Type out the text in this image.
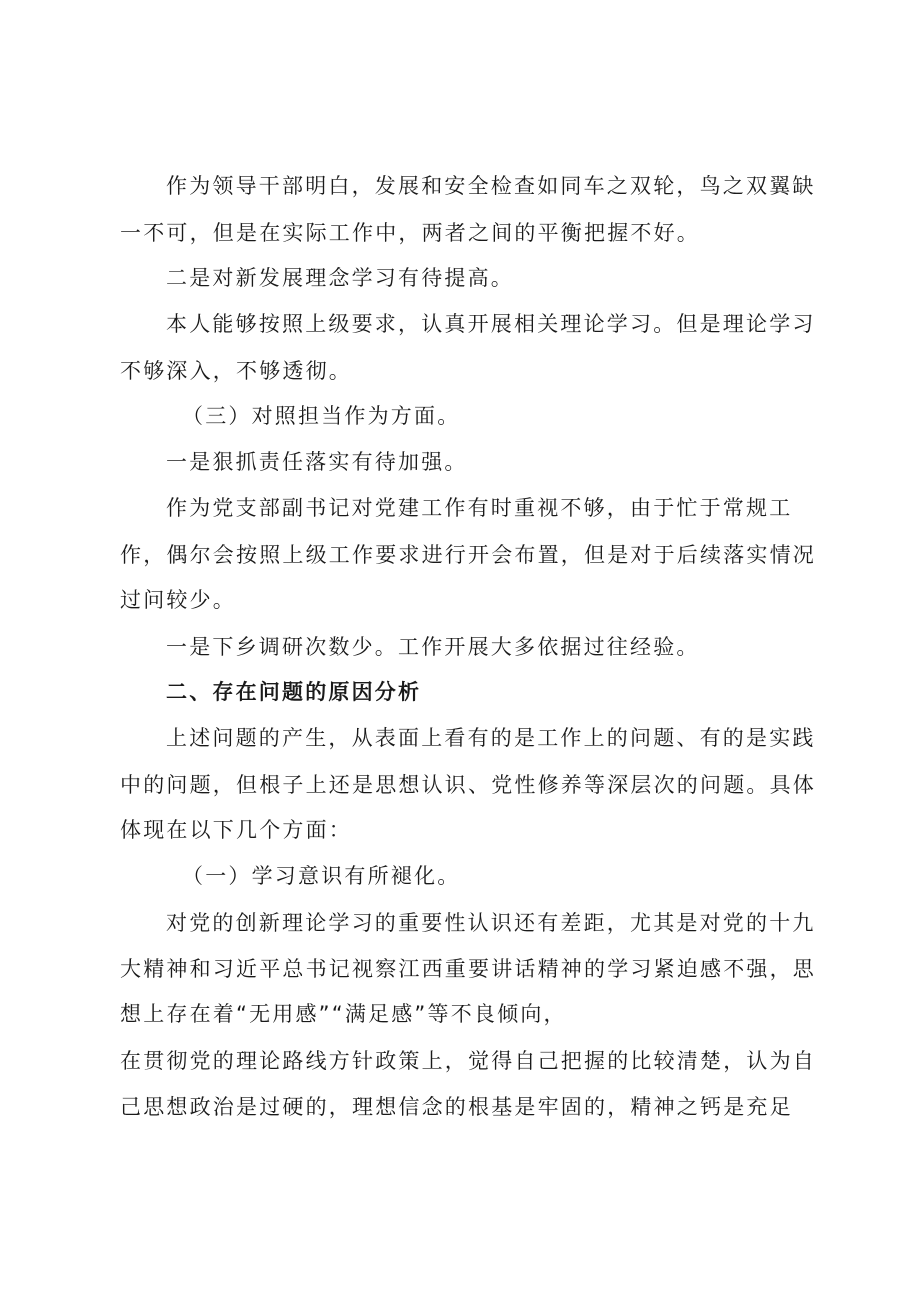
作为领导干部明白，发展和安全检查如同车之双轮，鸟之双翼缺
一不可，但是在实际工作中，两者之间的平衡把握不好。
二是对新发展理念学习有待提高。
本人能够按照上级要求，认真开展相关理论学习。但是理论学习
不够深入，不够透彻。
（三）对照担当作为方面。
一是狠抓责任落实有待加强。
作为党支部副书记对党建工作有时重视不够，由于忙于常规工
作，偶尔会按照上级工作要求进行开会布置，但是对于后续落实情况
过问较少。
一是下乡调研次数少。工作开展大多依据过往经验。
二、存在问题的原因分析
上述问题的产生，从表面上看有的是工作上的问题、有的是实践
中的问题，但根子上还是思想认识、党性修养等深层次的问题。具体
体现在以下几个方面：
（一）学习意识有所褪化。
对党的创新理论学习的重要性认识还有差距，尤其是对党的十九
大精神和习近平总书记视察江西重要讲话精神的学习紧迫感不强，思
想上存在着“无用感”“满足感”等不良倾向，
在贯彻党的理论路线方针政策上，觉得自己把握的比较清楚，认为自
己思想政治是过硬的，理想信念的根基是牢固的，精神之钙是充足
